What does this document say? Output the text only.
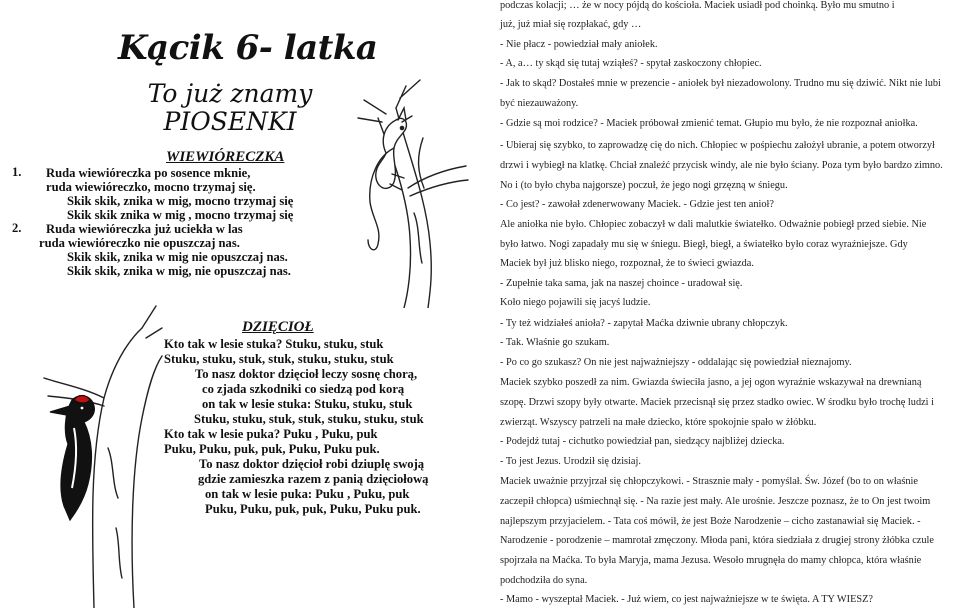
Kącik 6- latka
To już znamy
PIOSENKI
WIEWIÓRECZKA
1.
2.
Ruda wiewióreczka po sosence mknie,
ruda wiewióreczko, mocno trzymaj się.
Skik skik, znika w mig, mocno trzymaj się
Skik skik znika w mig , mocno trzymaj się
Ruda wiewióreczka już uciekła w las
ruda wiewióreczko nie opuszczaj nas.
Skik skik, znika w mig nie opuszczaj nas.
Skik skik, znika w mig, nie opuszczaj nas.
DZIĘCIOŁ
Kto tak w lesie stuka? Stuku, stuku, stuk
Stuku, stuku, stuk, stuk, stuku, stuku, stuk
To nasz doktor dzięcioł leczy sosnę chorą,
co zjada szkodniki co siedzą pod korą
on tak w lesie stuka: Stuku, stuku, stuk
Stuku, stuku, stuk, stuk, stuku, stuku, stuk
Kto tak w lesie puka? Puku , Puku, puk
Puku, Puku, puk, puk, Puku, Puku puk.
To nasz doktor dzięcioł robi dziuplę swoją
gdzie zamieszka razem z panią dzięciołową
on tak w lesie puka: Puku , Puku, puk
Puku, Puku, puk, puk, Puku, Puku puk.
podczas kolacji; … że w nocy pójdą do kościoła. Maciek usiadł pod choinką. Było mu smutno i
już, już miał się rozpłakać, gdy …
- Nie płacz - powiedział mały aniołek.
- A, a… ty skąd się tutaj wziąłeś? - spytał zaskoczony chłopiec.
- Jak to skąd? Dostałeś mnie w prezencie - aniołek był niezadowolony. Trudno mu się dziwić. Nikt nie lubi
być niezauważony.
- Gdzie są moi rodzice? - Maciek próbował zmienić temat. Głupio mu było, że nie rozpoznał aniołka.
- Ubieraj się szybko, to zaprowadzę cię do nich. Chłopiec w pośpiechu założył ubranie, a potem otworzył
drzwi i wybiegł na klatkę. Chciał znaleźć przycisk windy, ale nie było ściany. Poza tym było bardzo zimno.
No i (to było chyba najgorsze) poczuł, że jego nogi grzęzną w śniegu.
- Co jest? - zawołał zdenerwowany Maciek. - Gdzie jest ten anioł?
Ale aniołka nie było. Chłopiec zobaczył w dali malutkie światełko. Odważnie pobiegł przed siebie. Nie
było łatwo. Nogi zapadały mu się w śniegu. Biegł, biegł, a światełko było coraz wyraźniejsze. Gdy
Maciek był już blisko niego, rozpoznał, że to świeci gwiazda.
- Zupełnie taka sama, jak na naszej choince - uradował się.
Koło niego pojawili się jacyś ludzie.
- Ty też widziałeś anioła? - zapytał Maćka dziwnie ubrany chłopczyk.
- Tak. Właśnie go szukam.
- Po co go szukasz? On nie jest najważniejszy - oddalając się powiedział nieznajomy.
Maciek szybko poszedł za nim. Gwiazda świeciła jasno, a jej ogon wyraźnie wskazywał na drewnianą
szopę. Drzwi szopy były otwarte. Maciek przecisnął się przez stadko owiec. W środku było trochę ludzi i
zwierząt. Wszyscy patrzeli na małe dziecko, które spokojnie spało w żłóbku.
- Podejdź tutaj - cichutko powiedział pan, siedzący najbliżej dziecka.
- To jest Jezus. Urodził się dzisiaj.
Maciek uważnie przyjrzał się chłopczykowi. - Strasznie mały - pomyślał. Św. Józef (bo to on właśnie
zaczepił chłopca) uśmiechnął się. - Na razie jest mały. Ale urośnie. Jeszcze poznasz, że to On jest twoim
najlepszym przyjacielem. - Tata coś mówił, że jest Boże Narodzenie – cicho zastanawiał się Maciek. -
Narodzenie - porodzenie – mamrotał zmęczony. Młoda pani, która siedziała z drugiej strony żłóbka czule
spojrzała na Maćka. To była Maryja, mama Jezusa. Wesoło mrugnęła do mamy chłopca, która właśnie
podchodziła do syna.
- Mamo - wyszeptał Maciek. - Już wiem, co jest najważniejsze w te święta. A TY WIESZ?
